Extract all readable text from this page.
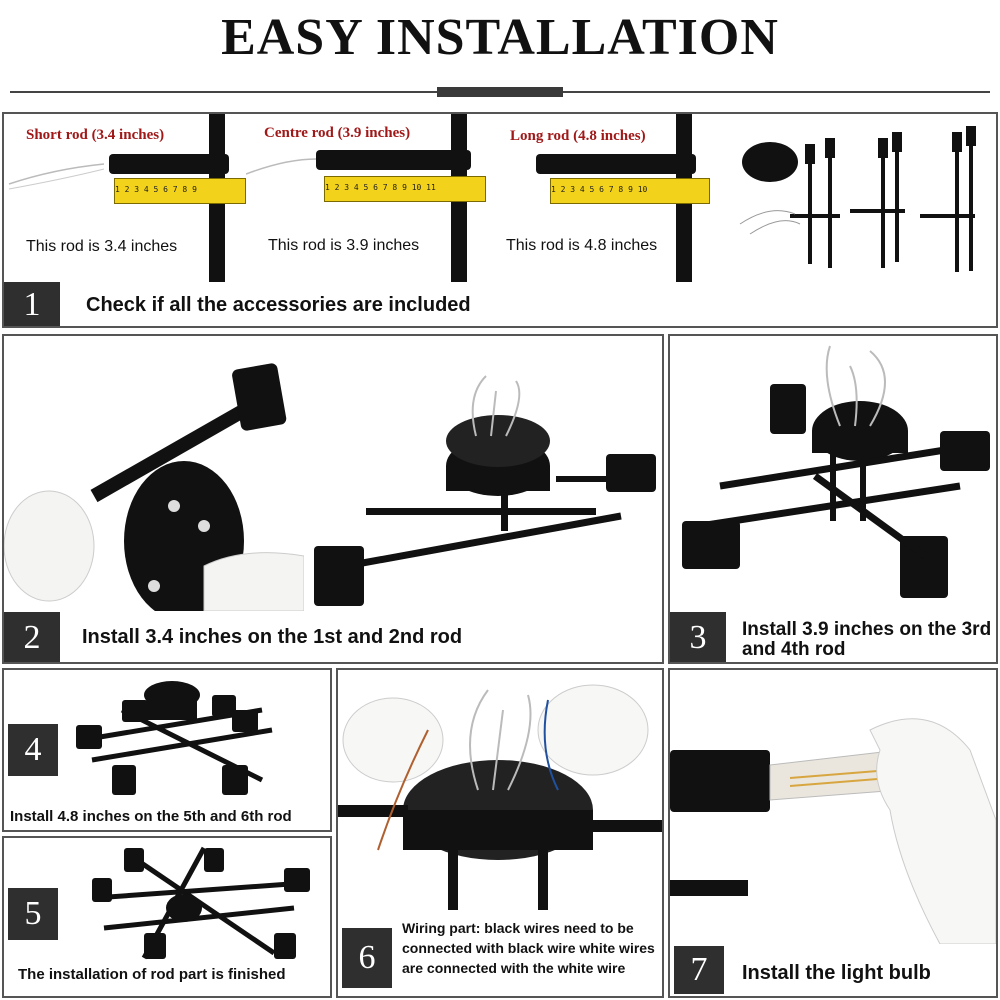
EASY INSTALLATION
Short rod (3.4 inches)
1 2 3 4 5 6 7 8 9
This rod is 3.4 inches
Centre rod (3.9 inches)
1 2 3 4 5 6 7 8 9 10 11
This rod is 3.9 inches
Long rod (4.8 inches)
1 2 3 4 5 6 7 8 9 10
This rod is 4.8 inches
1	Check if all the accessories are included
2	Install 3.4 inches on the 1st and 2nd rod	3	Install 3.9 inches on the 3rd and 4th rod
4
Install 4.8 inches on the 5th and 6th rod
5
The installation of rod part is finished	6
Wiring part: black wires need to be connected with black wire white wires are connected with the white wire	7	Install the light bulb
